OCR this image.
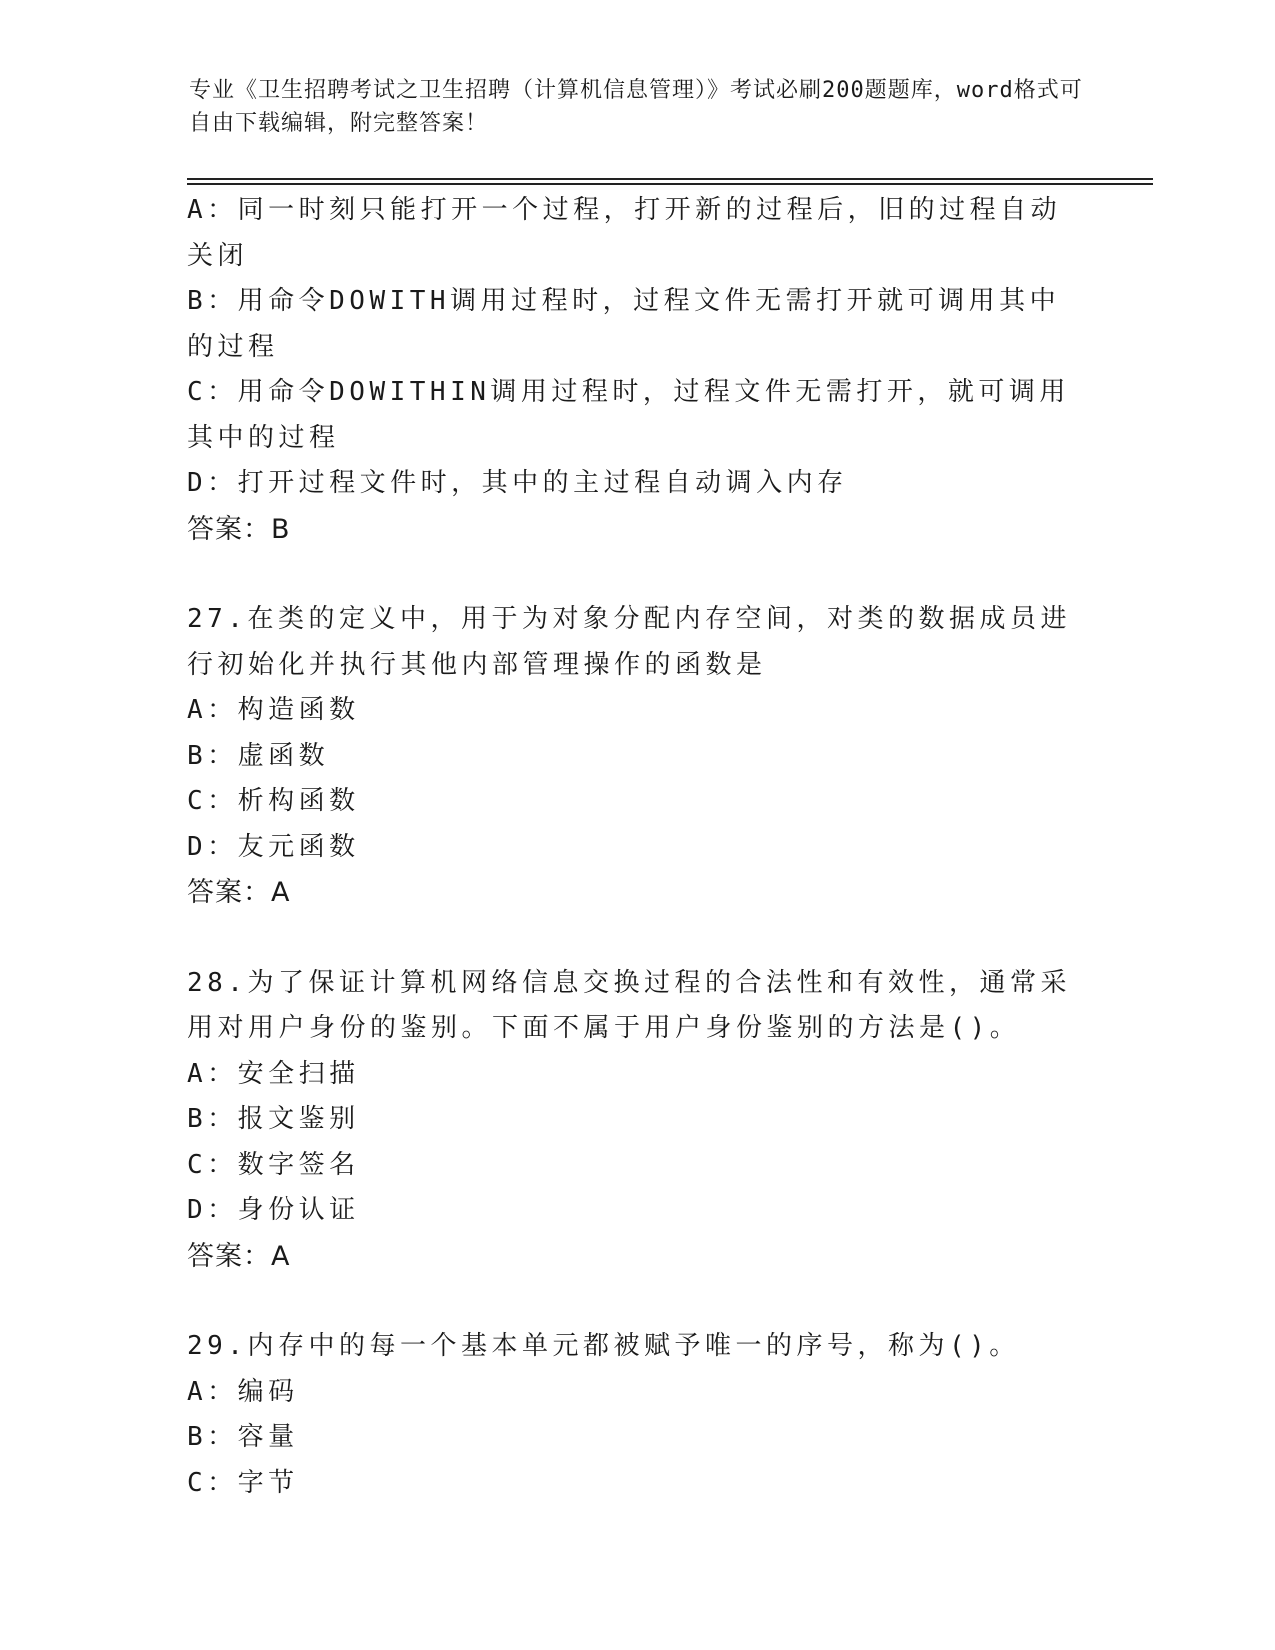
专业《卫生招聘考试之卫生招聘（计算机信息管理）》考试必刷200题题库，word格式可自由下载编辑，附完整答案！
A：同一时刻只能打开一个过程，打开新的过程后，旧的过程自动关闭
B：用命令DOWITH调用过程时，过程文件无需打开就可调用其中的过程
C：用命令DOWITHIN调用过程时，过程文件无需打开，就可调用其中的过程
D：打开过程文件时，其中的主过程自动调入内存
答案：B
27.在类的定义中，用于为对象分配内存空间，对类的数据成员进行初始化并执行其他内部管理操作的函数是
A：构造函数
B：虚函数
C：析构函数
D：友元函数
答案：A
28.为了保证计算机网络信息交换过程的合法性和有效性，通常采用对用户身份的鉴别。下面不属于用户身份鉴别的方法是()。
A：安全扫描
B：报文鉴别
C：数字签名
D：身份认证
答案：A
29.内存中的每一个基本单元都被赋予唯一的序号，称为()。
A：编码
B：容量
C：字节
